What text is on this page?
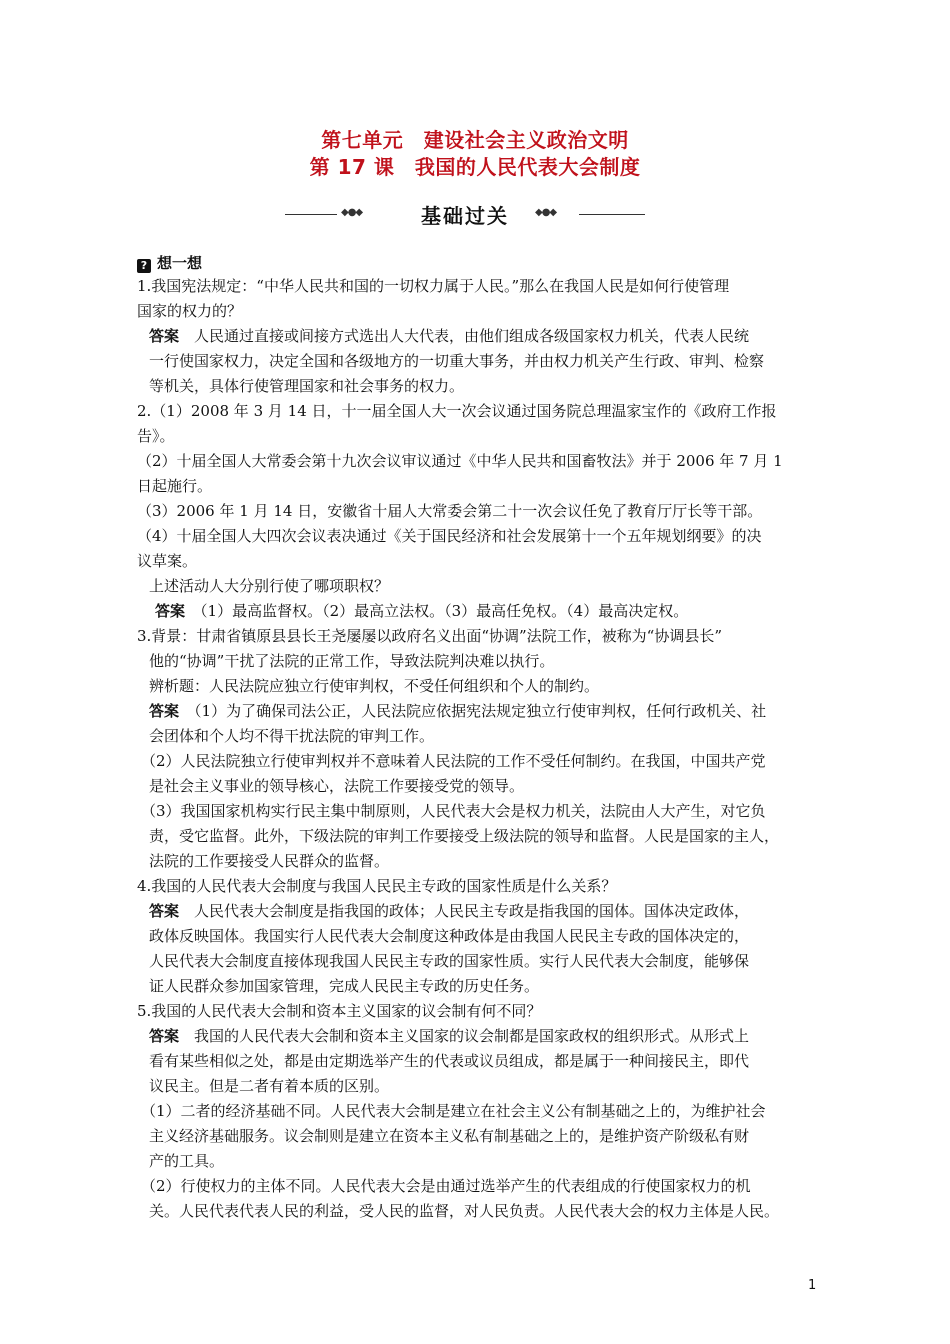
第七单元　建设社会主义政治文明
第 17 课　我国的人民代表大会制度
◆●◆	基础过关	◆●◆
? 想一想
1.我国宪法规定：“中华人民共和国的一切权力属于人民。”那么在我国人民是如何行使管理
国家的权力的？
答案　 人民通过直接或间接方式选出人大代表，由他们组成各级国家权力机关，代表人民统
一行使国家权力，决定全国和各级地方的一切重大事务，并由权力机关产生行政、审判、检察
等机关，具体行使管理国家和社会事务的权力。
2.（1）2008 年 3 月 14 日，十一届全国人大一次会议通过国务院总理温家宝作的《政府工作报
告》。
（2）十届全国人大常委会第十九次会议审议通过《中华人民共和国畜牧法》并于 2006 年 7 月 1
日起施行。
（3）2006 年 1 月 14 日，安徽省十届人大常委会第二十一次会议任免了教育厅厅长等干部。
（4）十届全国人大四次会议表决通过《关于国民经济和社会发展第十一个五年规划纲要》的决
议草案。
上述活动人大分别行使了哪项职权？
答案　 （1）最高监督权。（2）最高立法权。（3）最高任免权。（4）最高决定权。
3.背景：甘肃省镇原县县长王尧屡屡以政府名义出面“协调”法院工作，被称为“协调县长”
他的“协调”干扰了法院的正常工作，导致法院判决难以执行。
辨析题：人民法院应独立行使审判权，不受任何组织和个人的制约。
答案　 （1）为了确保司法公正，人民法院应依据宪法规定独立行使审判权，任何行政机关、社
会团体和个人均不得干扰法院的审判工作。
（2）人民法院独立行使审判权并不意味着人民法院的工作不受任何制约。在我国，中国共产党
是社会主义事业的领导核心，法院工作要接受党的领导。
（3）我国国家机构实行民主集中制原则，人民代表大会是权力机关，法院由人大产生，对它负
责，受它监督。此外，下级法院的审判工作要接受上级法院的领导和监督。人民是国家的主人，
法院的工作要接受人民群众的监督。
4.我国的人民代表大会制度与我国人民民主专政的国家性质是什么关系？
答案　 人民代表大会制度是指我国的政体；人民民主专政是指我国的国体。国体决定政体，
政体反映国体。我国实行人民代表大会制度这种政体是由我国人民民主专政的国体决定的，
人民代表大会制度直接体现我国人民民主专政的国家性质。实行人民代表大会制度，能够保
证人民群众参加国家管理，完成人民民主专政的历史任务。
5.我国的人民代表大会制和资本主义国家的议会制有何不同？
答案　 我国的人民代表大会制和资本主义国家的议会制都是国家政权的组织形式。从形式上
看有某些相似之处，都是由定期选举产生的代表或议员组成，都是属于一种间接民主，即代
议民主。但是二者有着本质的区别。
（1）二者的经济基础不同。人民代表大会制是建立在社会主义公有制基础之上的，为维护社会
主义经济基础服务。议会制则是建立在资本主义私有制基础之上的，是维护资产阶级私有财
产的工具。
（2）行使权力的主体不同。人民代表大会是由通过选举产生的代表组成的行使国家权力的机
关。人民代表代表人民的利益，受人民的监督，对人民负责。人民代表大会的权力主体是人民。
1
